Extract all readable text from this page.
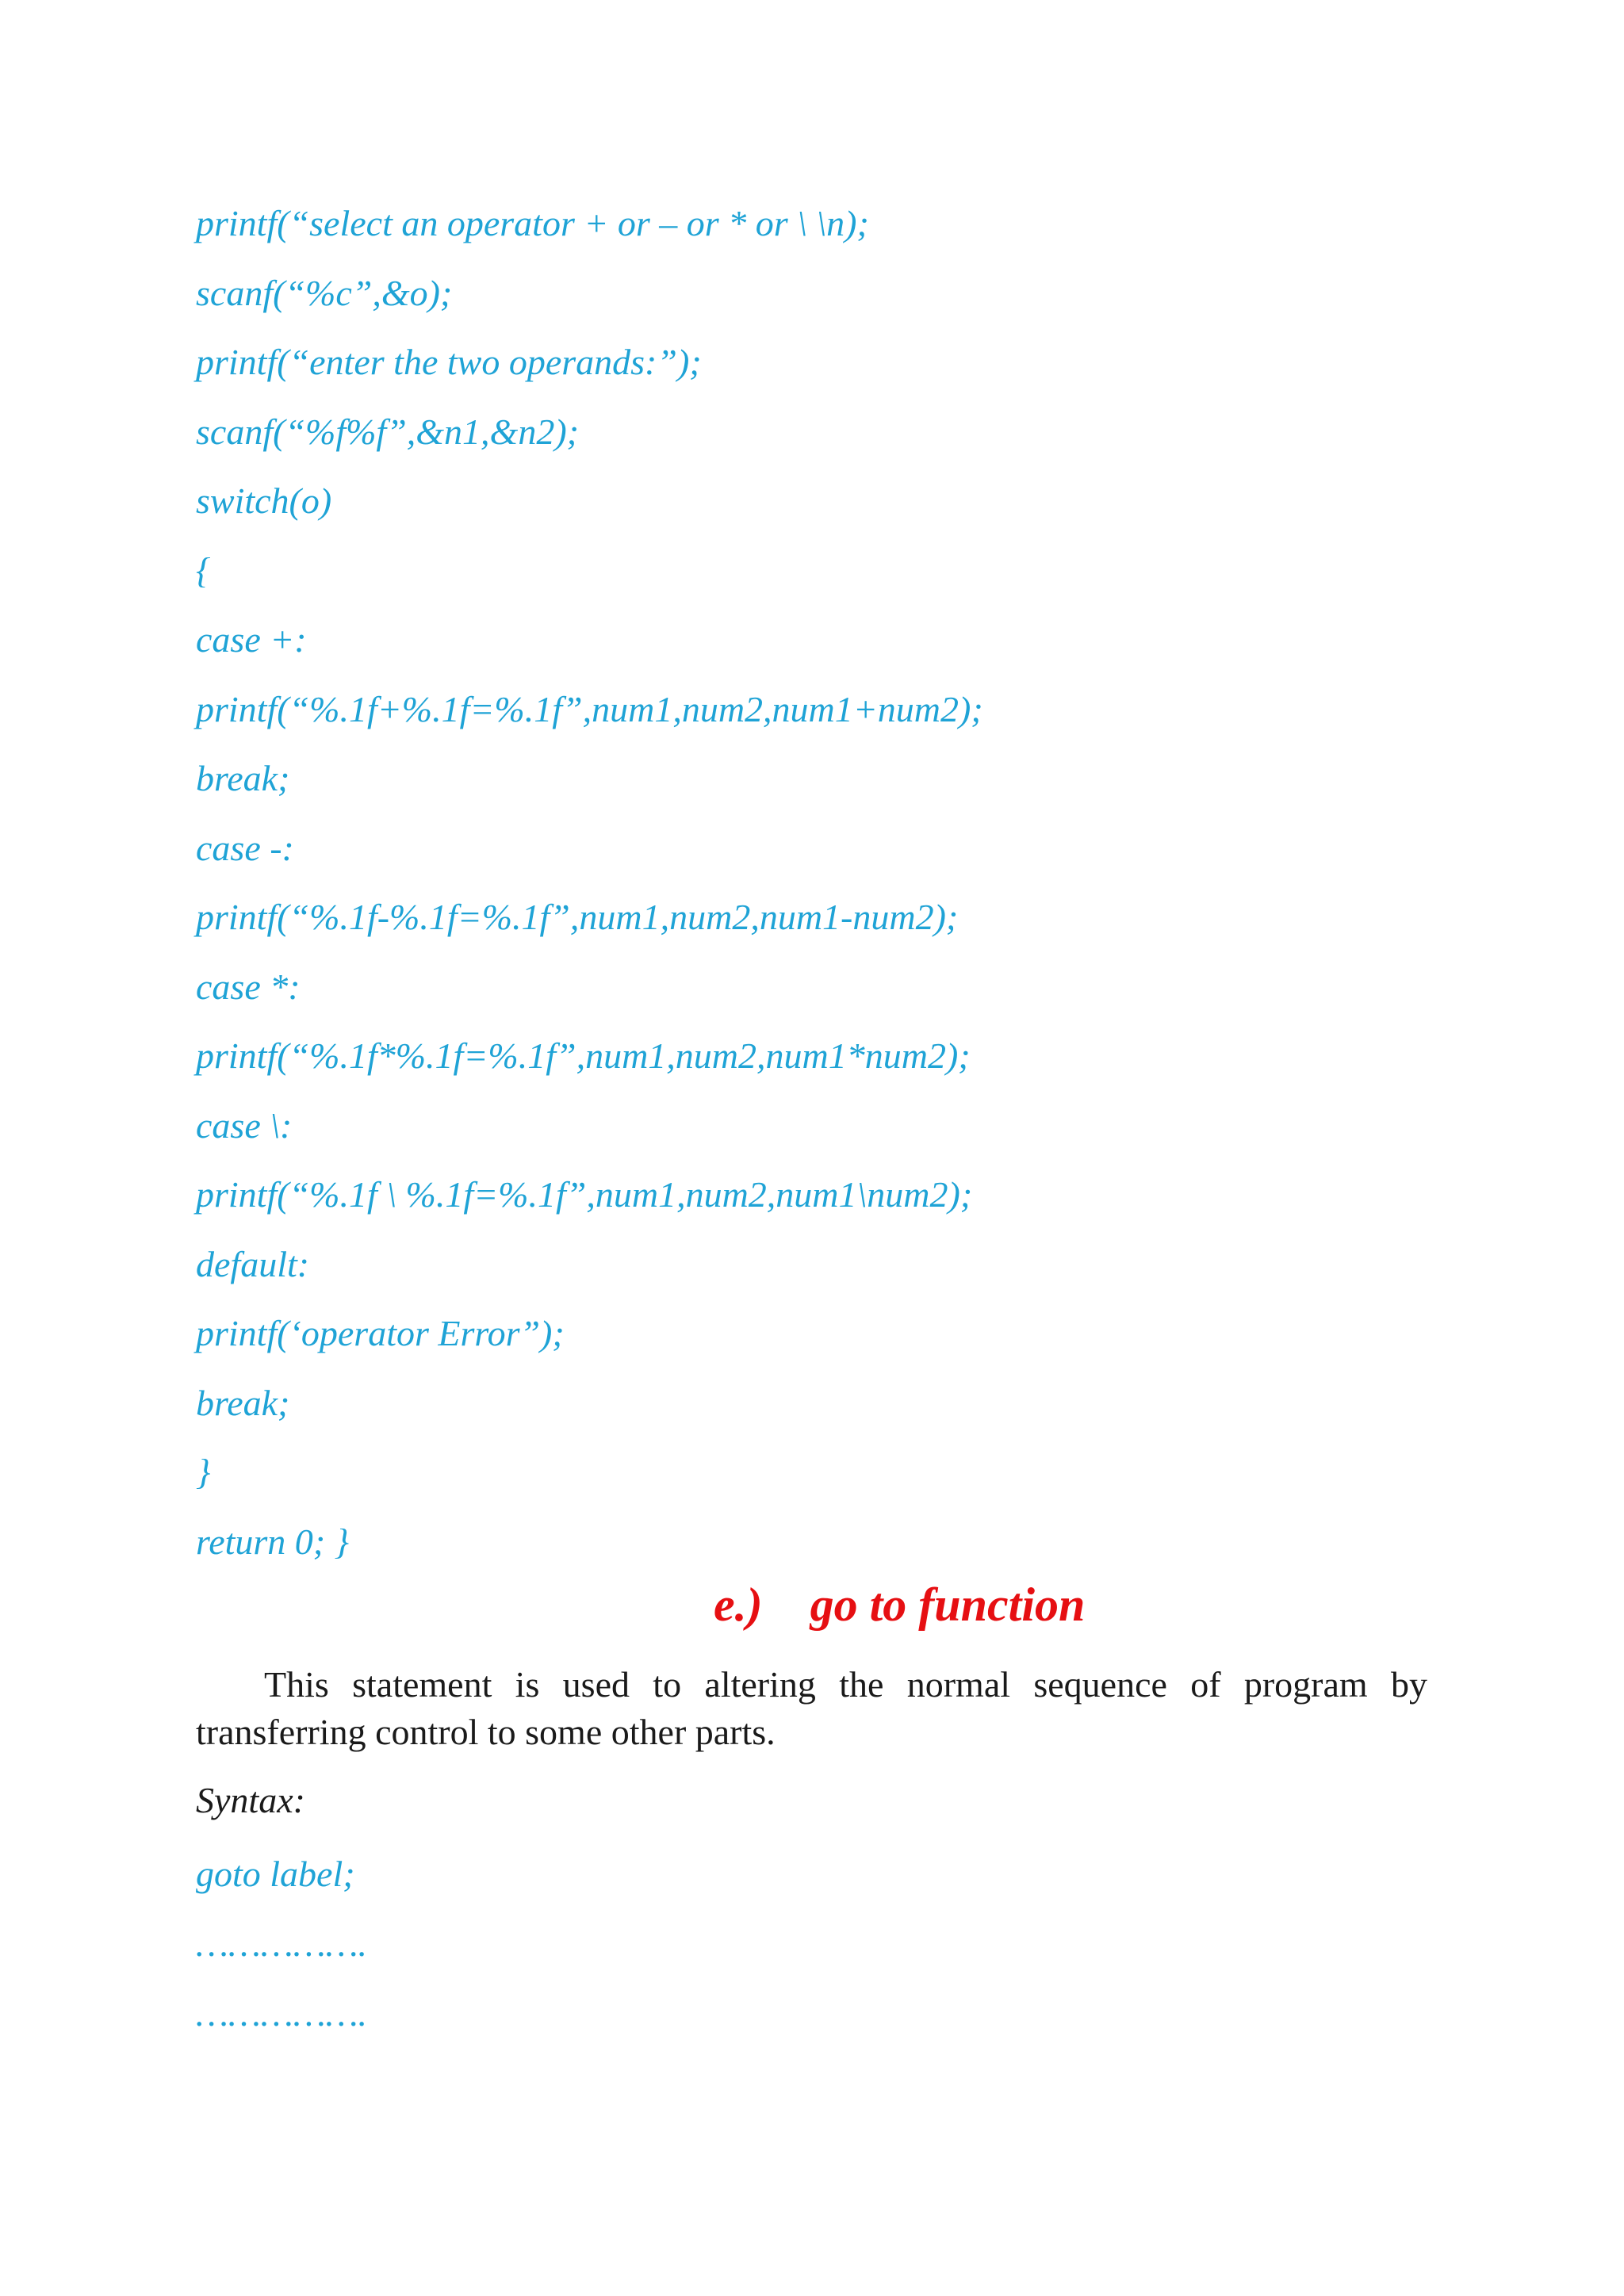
printf(“select an operator + or – or * or \ \n);
scanf(“%c”,&o);
printf(“enter the two operands:”);
scanf(“%f%f”,&n1,&n2);
switch(o)
{
case +:
printf(“%.1f+%.1f=%.1f”,num1,num2,num1+num2);
break;
case -:
printf(“%.1f-%.1f=%.1f”,num1,num2,num1-num2);
case *:
printf(“%.1f*%.1f=%.1f”,num1,num2,num1*num2);
case \:
printf(“%.1f \ %.1f=%.1f”,num1,num2,num1\num2);
default:
printf(‘operator Error”);
break;
}
return 0; }
e.) go to function

This statement is used to altering the normal sequence of program by transferring control to some other parts.

Syntax:
goto label;
…………….
…………….
